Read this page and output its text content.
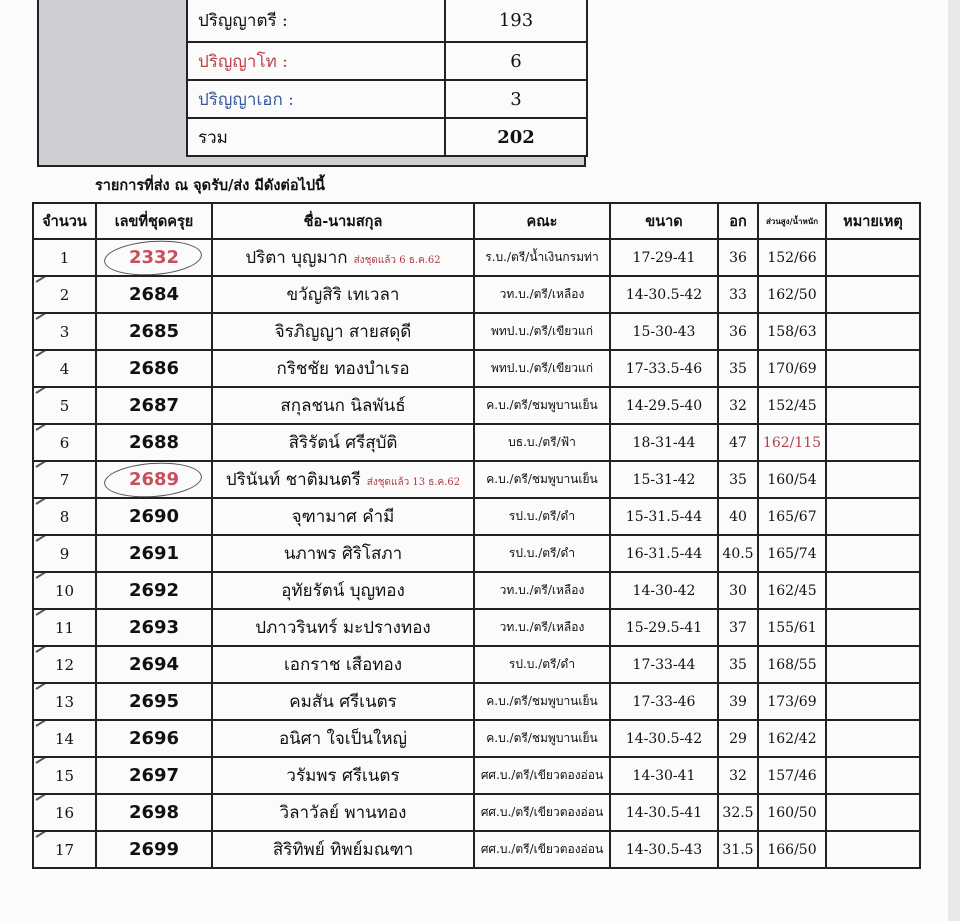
ปริญญาตรี :	193
ปริญญาโท :	6
ปริญญาเอก :	3
รวม	202
รายการที่ส่ง ณ จุดรับ/ส่ง มีดังต่อไปนี้
จำนวน	เลขที่ชุดครุย	ชื่อ-นามสกุล	คณะ	ขนาด	อก	ส่วนสูง/น้ำหนัก	หมายเหตุ
1	2332	ปริตา บุญมาก ส่งชุดแล้ว 6 ธ.ค.62	ร.บ./ตรี/น้ำเงินกรมท่า	17-29-41	36	152/66	
2	2684	ขวัญสิริ เทเวลา	วท.บ./ตรี/เหลือง	14-30.5-42	33	162/50	
3	2685	จิรภิญญา สายสดุดี	พทป.บ./ตรี/เขียวแก่	15-30-43	36	158/63	
4	2686	กริชชัย ทองบำเรอ	พทป.บ./ตรี/เขียวแก่	17-33.5-46	35	170/69	
5	2687	สกุลชนก นิลพันธ์	ค.บ./ตรี/ชมพูบานเย็น	14-29.5-40	32	152/45	
6	2688	สิริรัตน์ ศรีสุบัติ	บธ.บ./ตรี/ฟ้า	18-31-44	47	162/115	
7	2689	ปรินันท์ ชาติมนตรี ส่งชุดแล้ว 13 ธ.ค.62	ค.บ./ตรี/ชมพูบานเย็น	15-31-42	35	160/54	
8	2690	จุฑามาศ คำมี	รป.บ./ตรี/ดำ	15-31.5-44	40	165/67	
9	2691	นภาพร ศิริโสภา	รป.บ./ตรี/ดำ	16-31.5-44	40.5	165/74	
10	2692	อุทัยรัตน์ บุญทอง	วท.บ./ตรี/เหลือง	14-30-42	30	162/45	
11	2693	ปภาวรินทร์ มะปรางทอง	วท.บ./ตรี/เหลือง	15-29.5-41	37	155/61	
12	2694	เอกราช เสือทอง	รป.บ./ตรี/ดำ	17-33-44	35	168/55	
13	2695	คมสัน ศรีเนตร	ค.บ./ตรี/ชมพูบานเย็น	17-33-46	39	173/69	
14	2696	อนิศา ใจเป็นใหญ่	ค.บ./ตรี/ชมพูบานเย็น	14-30.5-42	29	162/42	
15	2697	วรัมพร ศรีเนตร	ศศ.บ./ตรี/เขียวตองอ่อน	14-30-41	32	157/46	
16	2698	วิลาวัลย์ พานทอง	ศศ.บ./ตรี/เขียวตองอ่อน	14-30.5-41	32.5	160/50	
17	2699	สิริทิพย์ ทิพย์มณฑา	ศศ.บ./ตรี/เขียวตองอ่อน	14-30.5-43	31.5	166/50	
